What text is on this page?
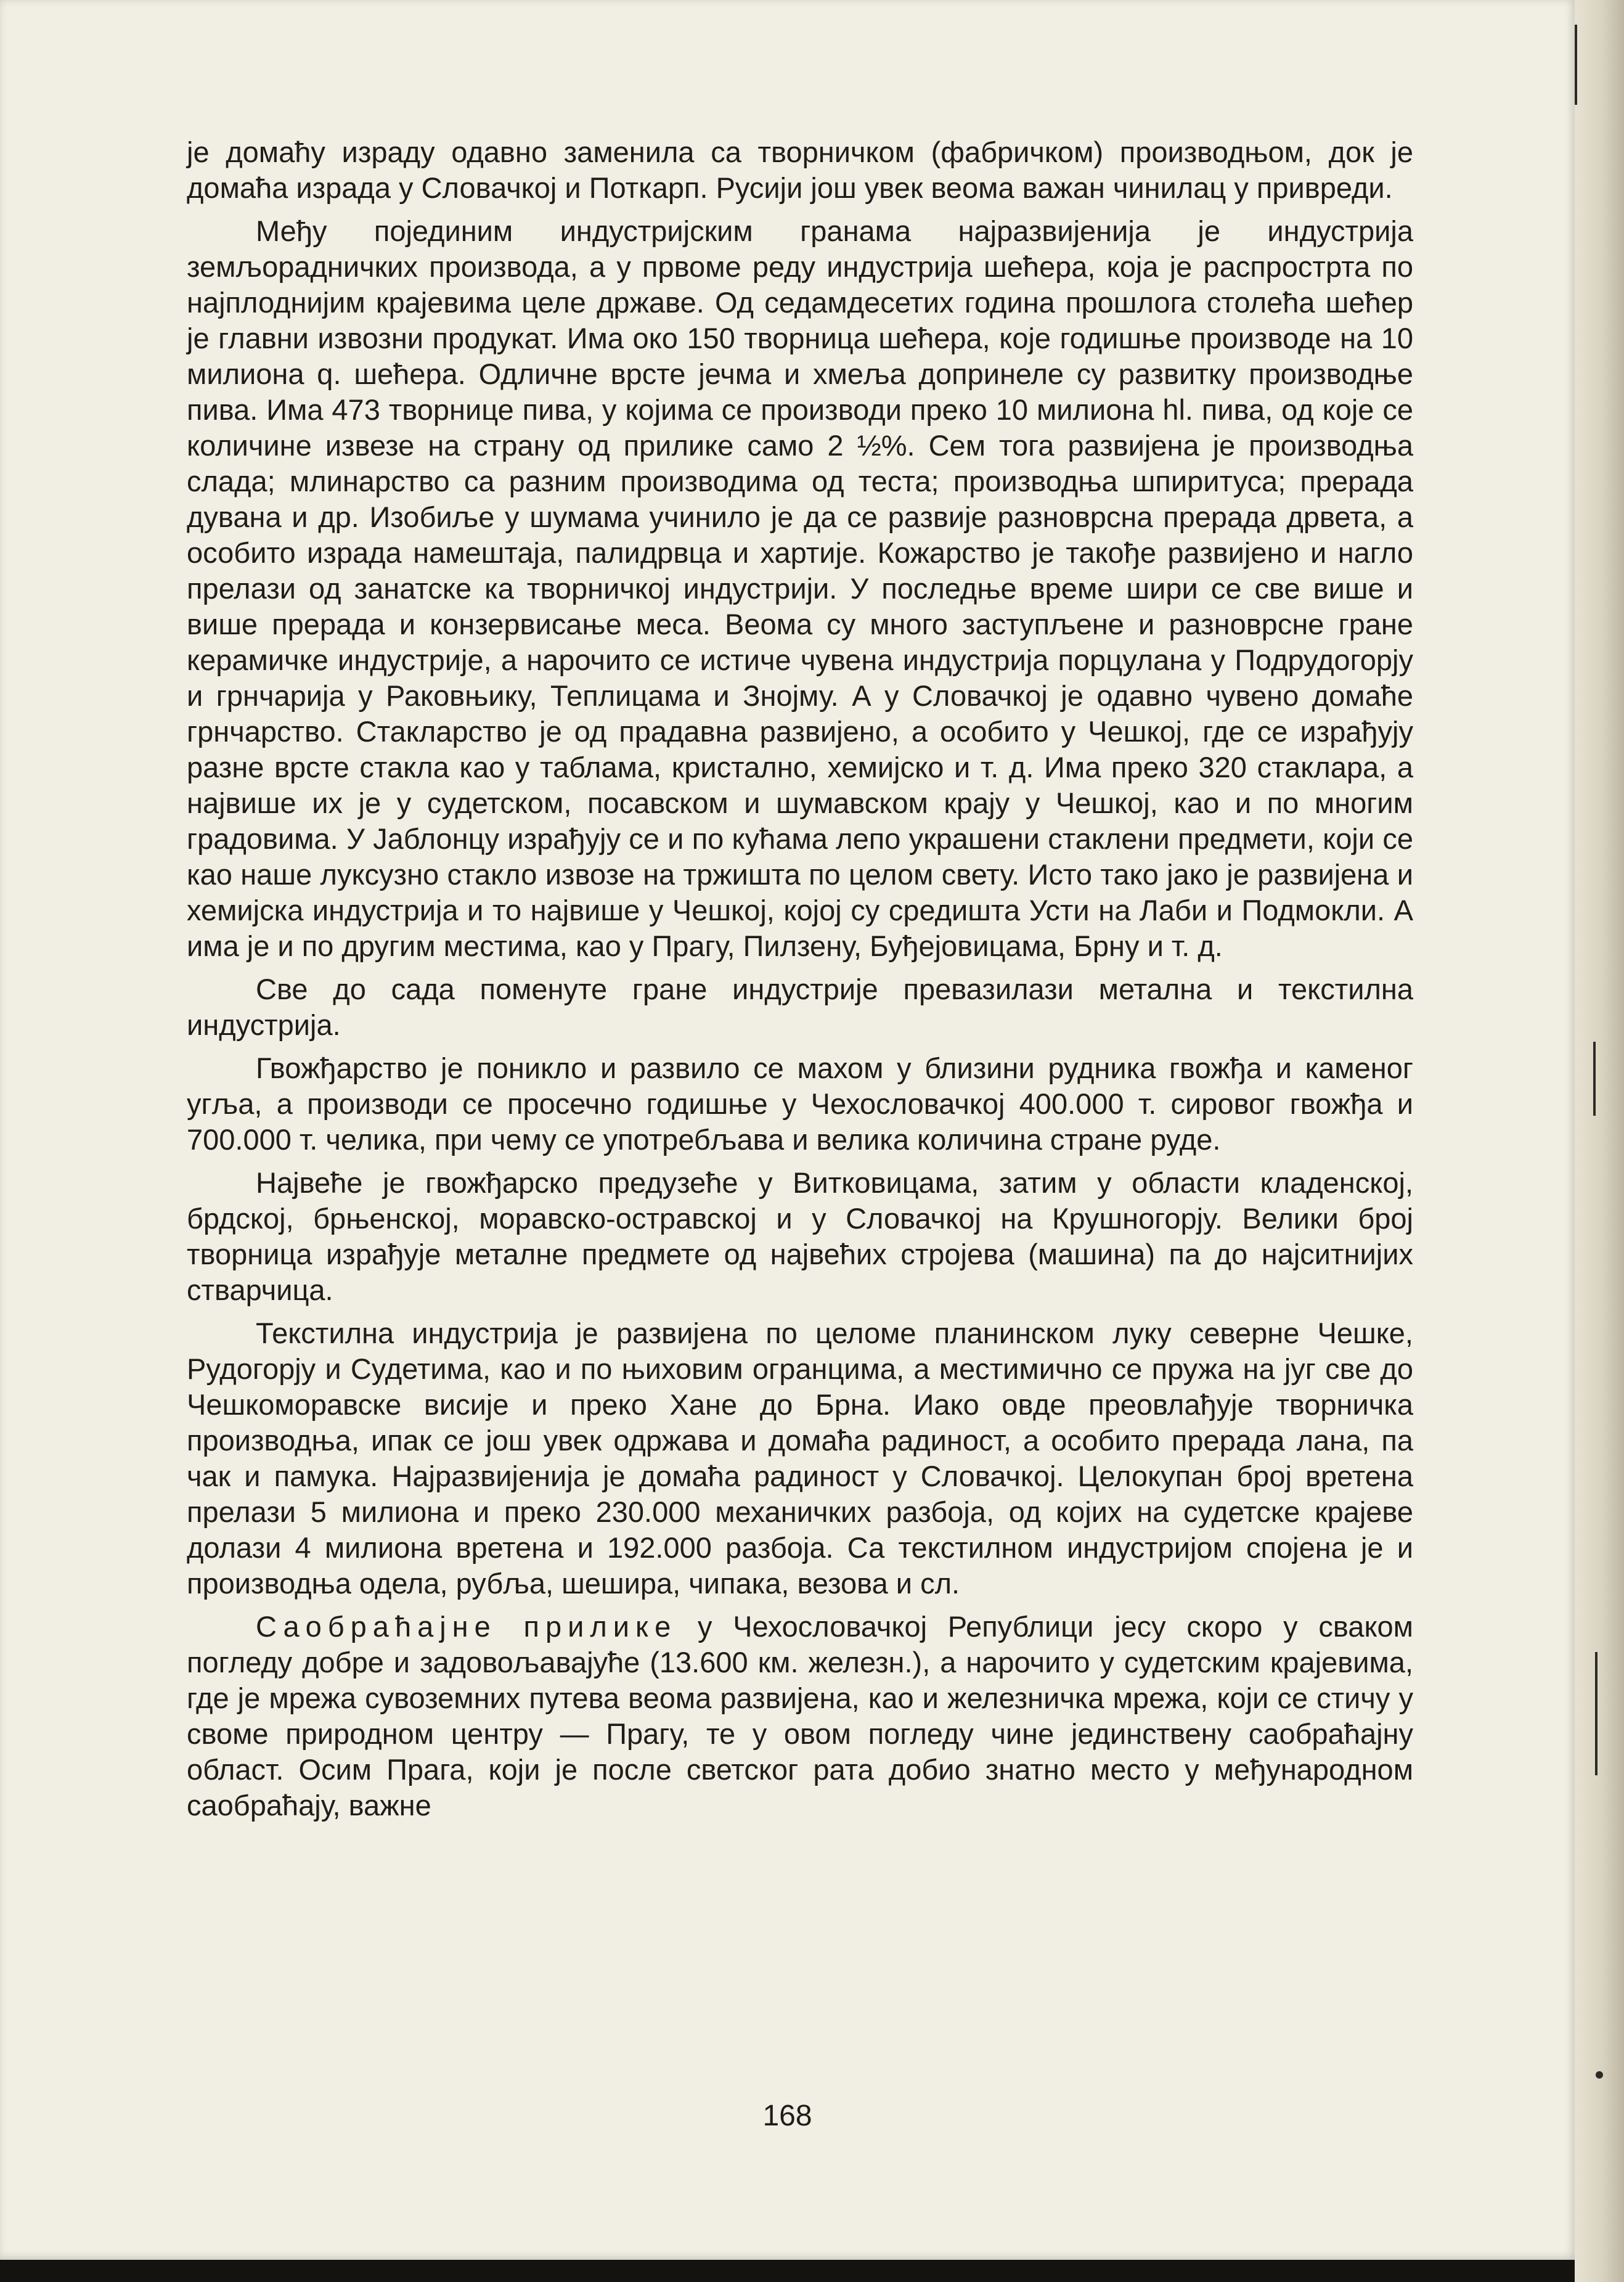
је домаћу израду одавно заменила са творничком (фабричком) производњом, док је домаћа израда у Словачкој и Поткарп. Русији још увек веома важан чинилац у привреди.

Међу појединим индустријским гранама најразвијенија је индустрија земљорадничких производа, а у првоме реду индустрија шећера, која је распрострта по најплоднијим крајевима целе државе. Од седамдесетих година прошлога столећа шећер је главни извозни продукат. Има око 150 творница шећера, које годишње производе на 10 милиона q. шећера. Одличне врсте јечма и хмеља допринеле су развитку производње пива. Има 473 творнице пива, у којима се производи преко 10 милиона hl. пива, од које се количине извезе на страну од прилике само 2 ½%. Сем тога развијена је производња слада; млинарство са разним производима од теста; производња шпиритуса; прерада дувана и др. Изобиље у шумама учинило је да се развије разноврсна прерада дрвета, а особито израда намештаја, палидрвца и хартије. Кожарство је такође развијено и нагло прелази од занатске ка творничкој индустрији. У последње време шири се све више и више прерада и конзервисање меса. Веома су много заступљене и разноврсне гране керамичке индустрије, а нарочито се истиче чувена индустрија порцулана у Подрудогорју и грнчарија у Раковњику, Теплицама и Знојму. А у Словачкој је одавно чувено домаће грнчарство. Стакларство је од прадавна развијено, а особито у Чешкој, где се израђују разне врсте стакла као у таблама, кристално, хемијско и т. д. Има преко 320 стаклара, а највише их је у судетском, посавском и шумавском крају у Чешкој, као и по многим градовима. У Јаблонцу израђују се и по кућама лепо украшени стаклени предмети, који се као наше луксузно стакло извозе на тржишта по целом свету. Исто тако јако је развијена и хемијска индустрија и то највише у Чешкој, којој су средишта Усти на Лаби и Подмокли. А има је и по другим местима, као у Прагу, Пилзену, Буђејовицама, Брну и т. д.

Све до сада поменуте гране индустрије превазилази метална и текстилна индустрија.

Гвожђарство је поникло и развило се махом у близини рудника гвожђа и каменог угља, а производи се просечно годишње у Чехословачкој 400.000 т. сировог гвожђа и 700.000 т. челика, при чему се употребљава и велика количина стране руде.

Највеће је гвожђарско предузеће у Витковицама, затим у области кладенској, брдској, брњенској, моравско-остравској и у Словачкој на Крушногорју. Велики број творница израђује металне предмете од највећих стројева (машина) па до најситнијих стварчица.

Текстилна индустрија је развијена по целоме планинском луку северне Чешке, Рудогорју и Судетима, као и по њиховим огранцима, а местимично се пружа на југ све до Чешкоморавске висије и преко Хане до Брна. Иако овде преовлађује творничка производња, ипак се још увек одржава и домаћа радиност, а особито прерада лана, па чак и памука. Најразвијенија је домаћа радиност у Словачкој. Целокупан број вретена прелази 5 милиона и преко 230.000 механичких разбоја, од којих на судетске крајеве долази 4 милиона вретена и 192.000 разбоја. Са текстилном индустријом спојена је и производња одела, рубља, шешира, чипака, везова и сл.

Саобраћајне прилике у Чехословачкој Републици јесу скоро у сваком погледу добре и задовољавајуће (13.600 км. железн.), а нарочито у судетским крајевима, где је мрежа сувоземних путева веома развијена, као и железничка мрежа, који се стичу у своме природном центру — Прагу, те у овом погледу чине јединствену саобраћајну област. Осим Прага, који је после светског рата добио знатно место у међународном саобраћају, важне

168
